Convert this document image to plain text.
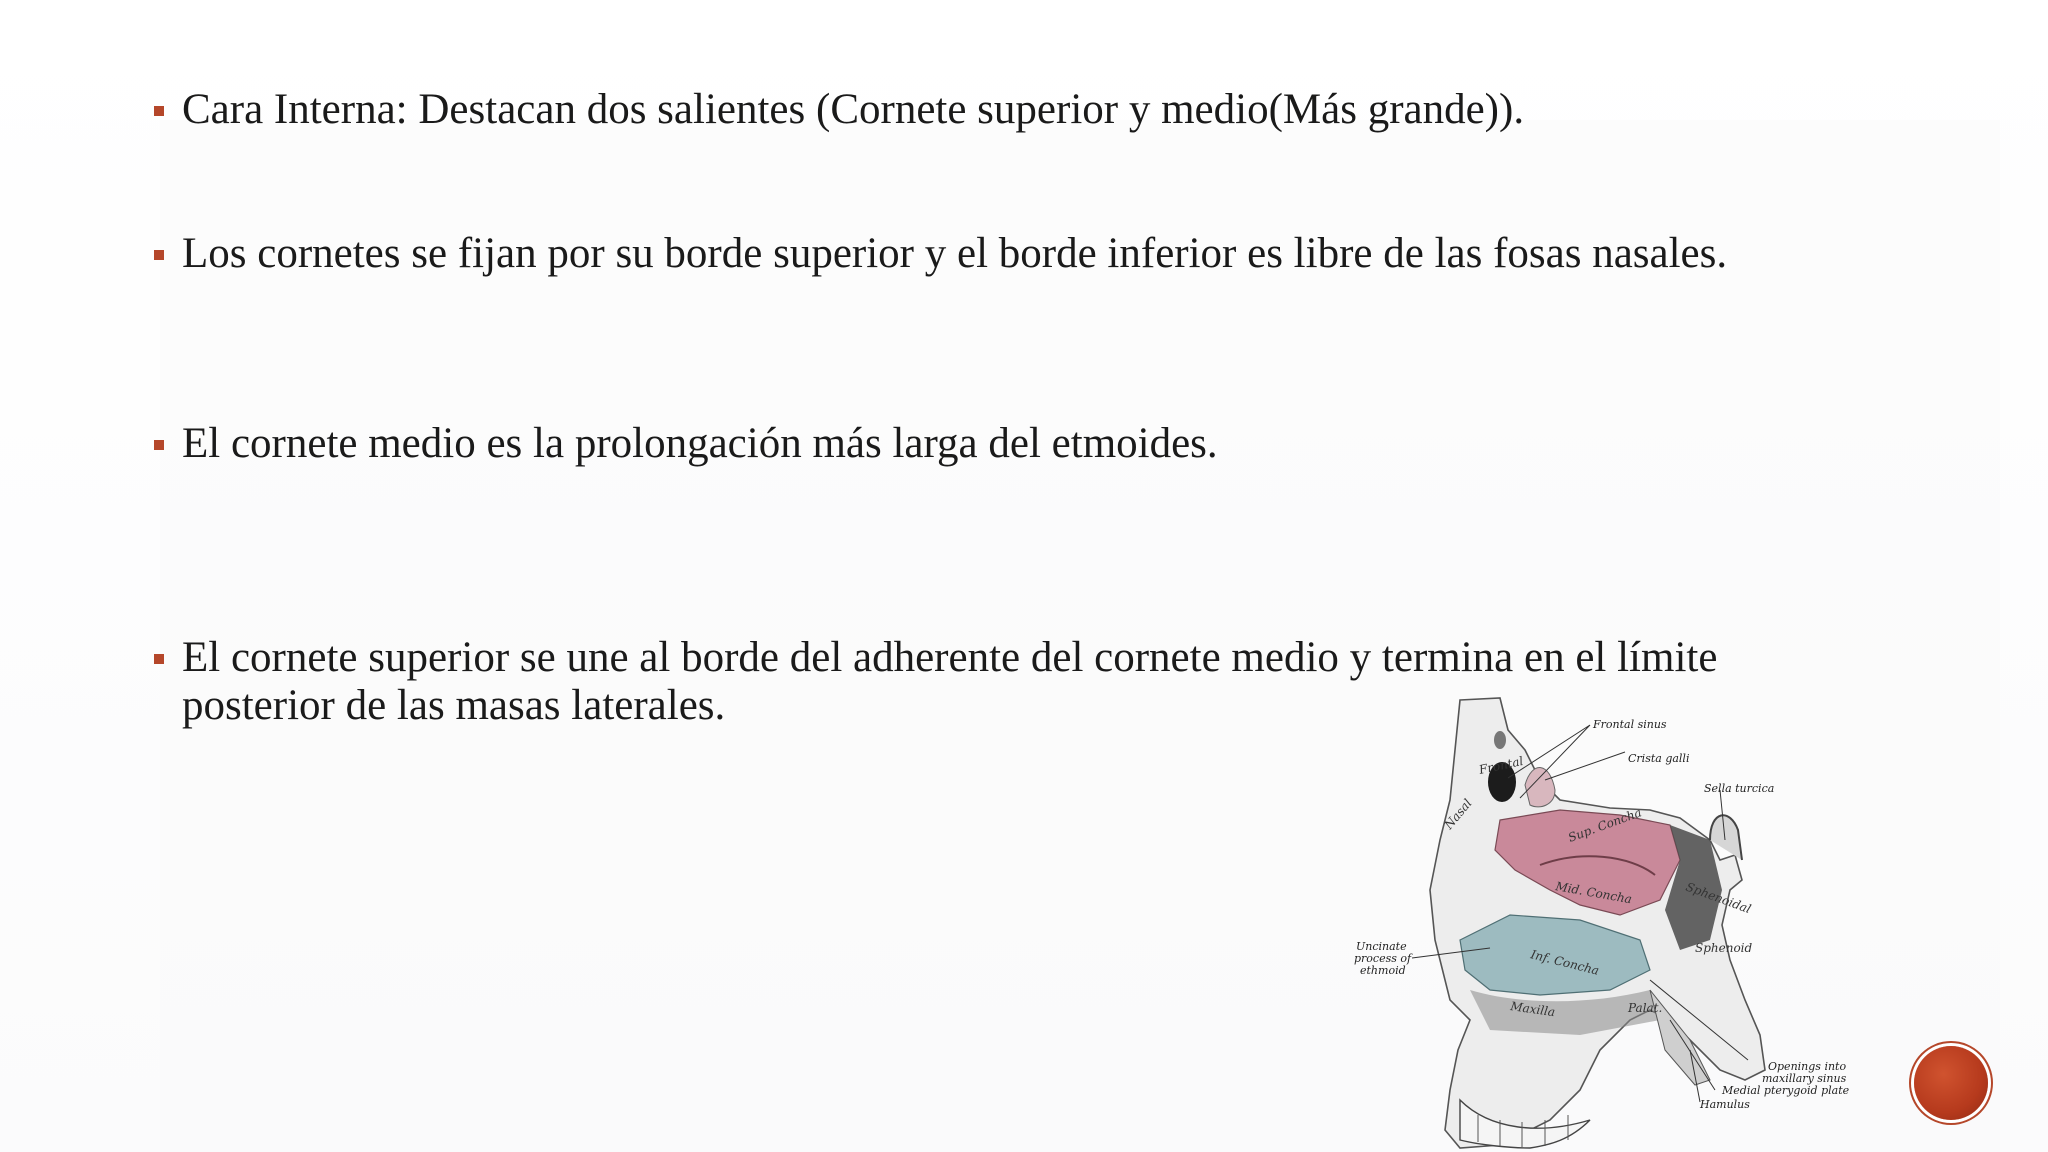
Cara Interna: Destacan dos salientes (Cornete superior y medio(Más grande)).
Los cornetes se fijan por su borde superior y el borde inferior es libre de las fosas nasales.
El cornete medio es la prolongación más larga del etmoides.
El cornete superior se une al borde del adherente del cornete medio y termina en el límite posterior de las masas laterales.
Frontal
Nasal	Sup. Concha
Mid. Concha
Inf. Concha
Maxilla	Palat.
Sphenoidal
Sphenoid
Frontal sinus
Crista galli
Sella turcica
Uncinate
process of
ethmoid
Openings into
maxillary sinus
Medial pterygoid plate
Hamulus
